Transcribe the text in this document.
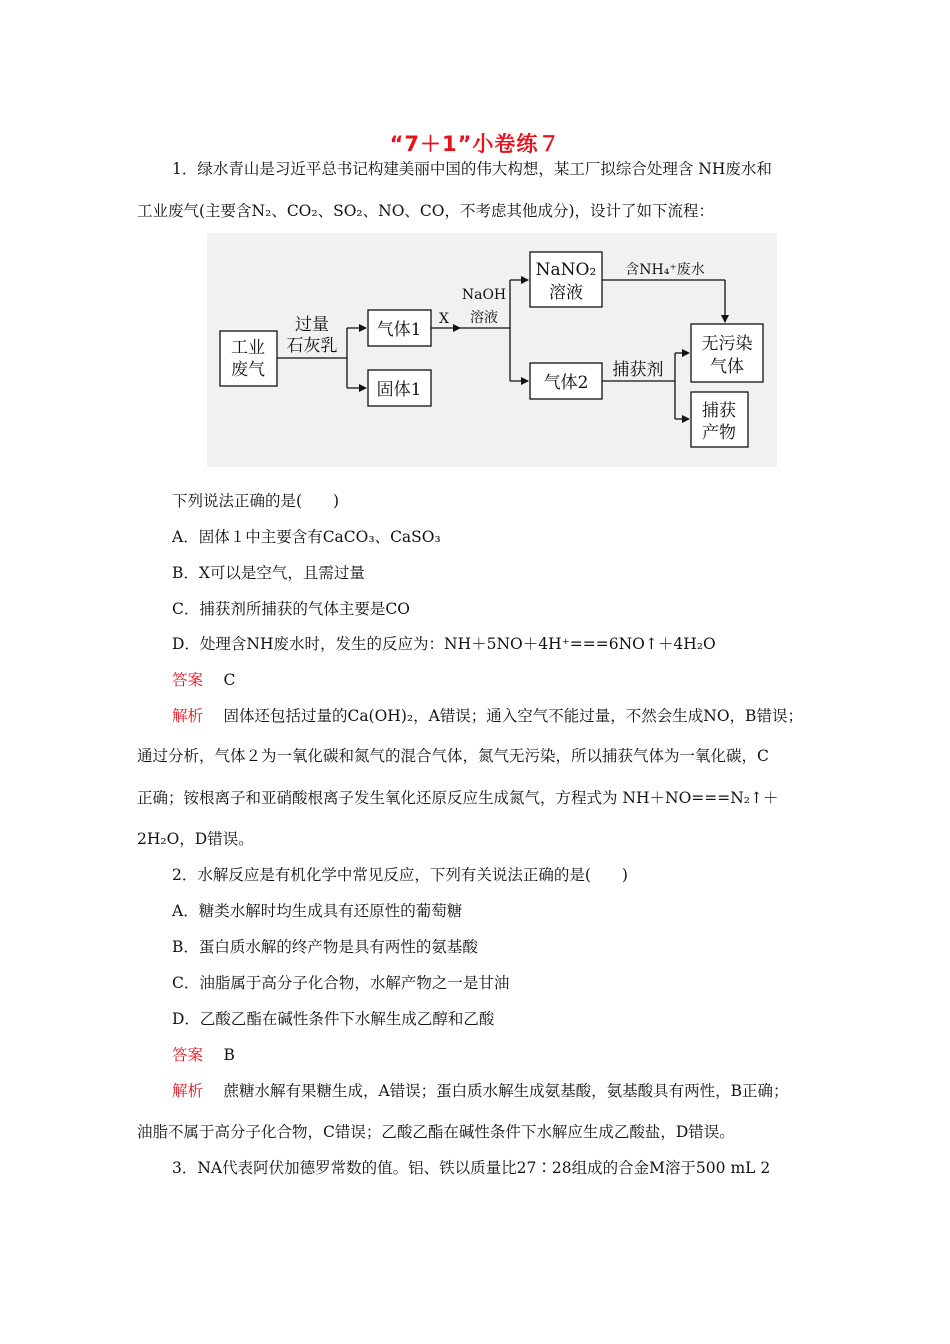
“7＋1”小卷练７
1．绿水青山是习近平总书记构建美丽中国的伟大构想，某工厂拟综合处理含 NH废水和
工业废气(主要含N₂、CO₂、SO₂、NO、CO，不考虑其他成分)，设计了如下流程：
工业
废气
过量
石灰乳
气体1
固体1
X
NaOH
溶液
NaNO₂
溶液
含NH₄⁺废水
气体2
捕获剂
无污染
气体
捕获
产物
下列说法正确的是(　　)
A．固体１中主要含有CaCO₃、CaSO₃
B．X可以是空气，且需过量
C．捕获剂所捕获的气体主要是CO
D．处理含NH废水时，发生的反应为：NH＋5NO＋4H⁺===6NO↑＋4H₂O
答案　 C
解析　 固体还包括过量的Ca(OH)₂，A错误；通入空气不能过量，不然会生成NO，B错误；
通过分析，气体２为一氧化碳和氮气的混合气体，氮气无污染，所以捕获气体为一氧化碳，C
正确；铵根离子和亚硝酸根离子发生氧化还原反应生成氮气，方程式为 NH＋NO===N₂↑＋
2H₂O，D错误。
2．水解反应是有机化学中常见反应，下列有关说法正确的是(　　)
A．糖类水解时均生成具有还原性的葡萄糖
B．蛋白质水解的终产物是具有两性的氨基酸
C．油脂属于高分子化合物，水解产物之一是甘油
D．乙酸乙酯在碱性条件下水解生成乙醇和乙酸
答案　 B
解析　 蔗糖水解有果糖生成，A错误；蛋白质水解生成氨基酸，氨基酸具有两性，B正确；
油脂不属于高分子化合物，C错误；乙酸乙酯在碱性条件下水解应生成乙酸盐，D错误。
3．NA代表阿伏加德罗常数的值。铝、铁以质量比27∶28组成的合金M溶于500 mL 2
